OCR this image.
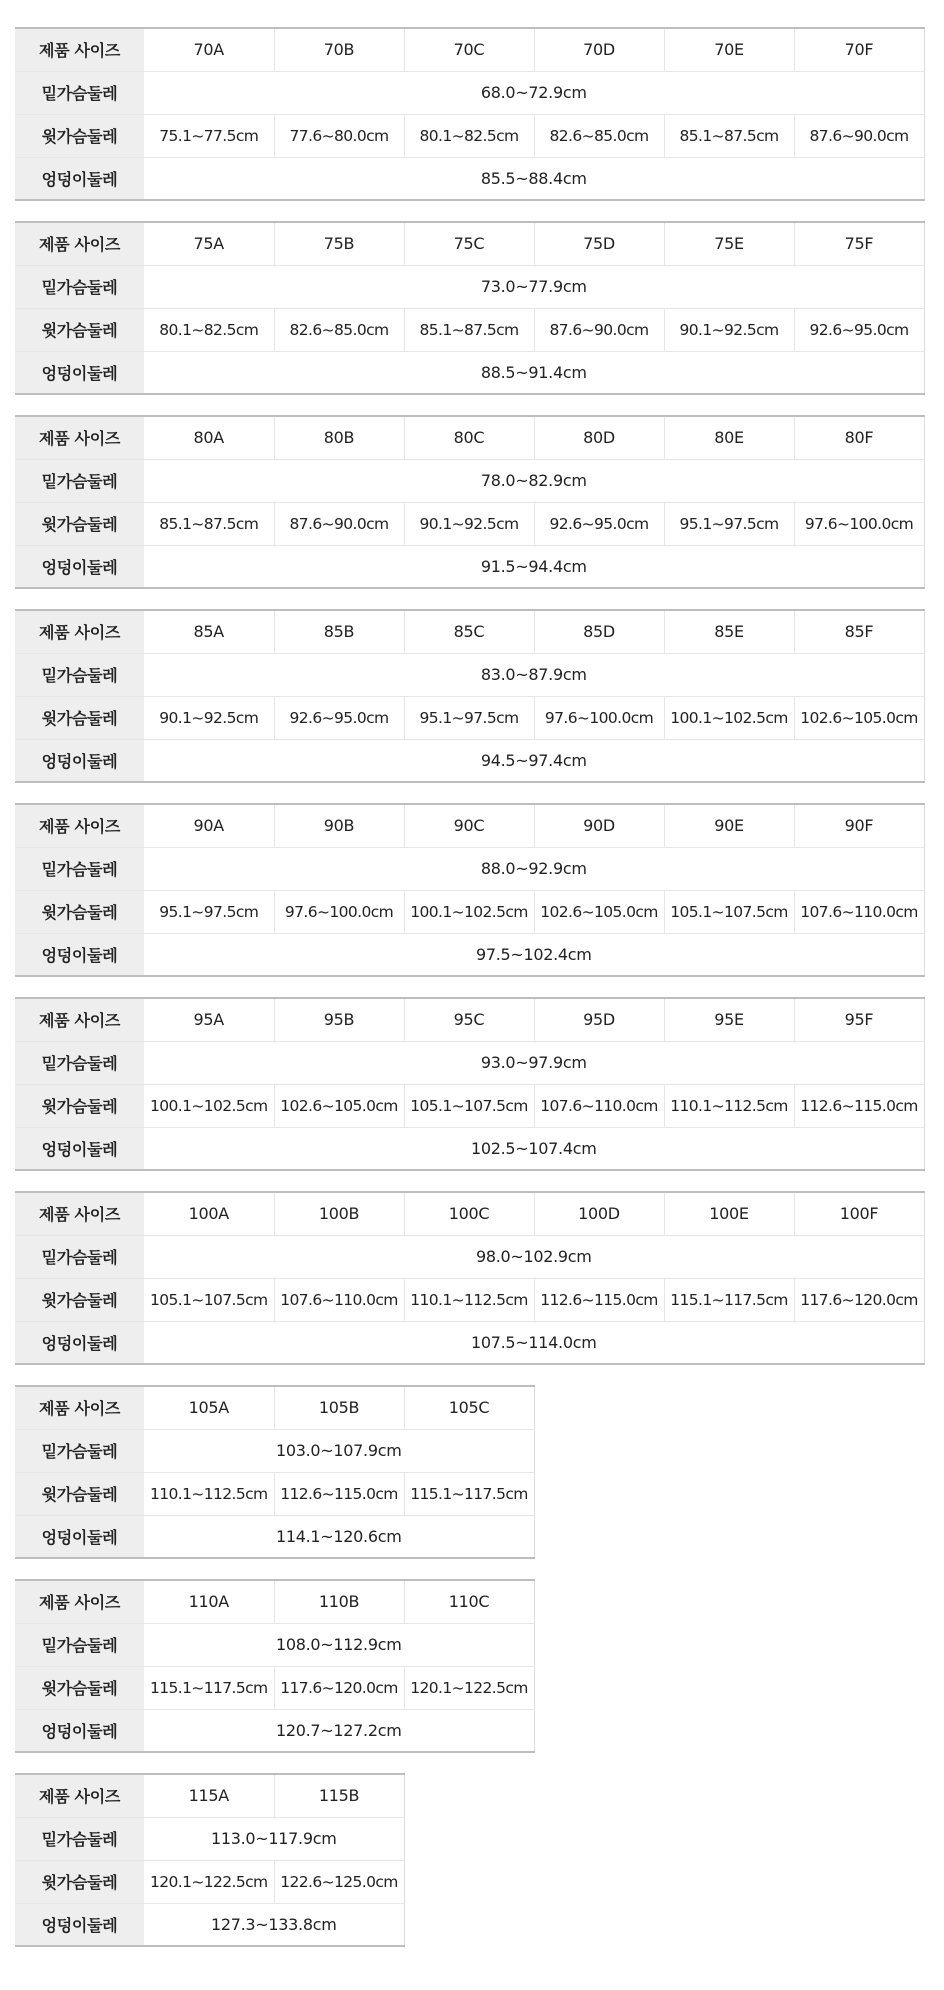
제품 사이즈	70A	70B	70C	70D	70E	70F
밑가슴둘레	68.0~72.9cm					
윗가슴둘레	75.1~77.5cm	77.6~80.0cm	80.1~82.5cm	82.6~85.0cm	85.1~87.5cm	87.6~90.0cm
엉덩이둘레	85.5~88.4cm					
제품 사이즈	75A	75B	75C	75D	75E	75F
밑가슴둘레	73.0~77.9cm					
윗가슴둘레	80.1~82.5cm	82.6~85.0cm	85.1~87.5cm	87.6~90.0cm	90.1~92.5cm	92.6~95.0cm
엉덩이둘레	88.5~91.4cm					
제품 사이즈	80A	80B	80C	80D	80E	80F
밑가슴둘레	78.0~82.9cm					
윗가슴둘레	85.1~87.5cm	87.6~90.0cm	90.1~92.5cm	92.6~95.0cm	95.1~97.5cm	97.6~100.0cm
엉덩이둘레	91.5~94.4cm					
제품 사이즈	85A	85B	85C	85D	85E	85F
밑가슴둘레	83.0~87.9cm					
윗가슴둘레	90.1~92.5cm	92.6~95.0cm	95.1~97.5cm	97.6~100.0cm	100.1~102.5cm	102.6~105.0cm
엉덩이둘레	94.5~97.4cm					
제품 사이즈	90A	90B	90C	90D	90E	90F
밑가슴둘레	88.0~92.9cm					
윗가슴둘레	95.1~97.5cm	97.6~100.0cm	100.1~102.5cm	102.6~105.0cm	105.1~107.5cm	107.6~110.0cm
엉덩이둘레	97.5~102.4cm					
제품 사이즈	95A	95B	95C	95D	95E	95F
밑가슴둘레	93.0~97.9cm					
윗가슴둘레	100.1~102.5cm	102.6~105.0cm	105.1~107.5cm	107.6~110.0cm	110.1~112.5cm	112.6~115.0cm
엉덩이둘레	102.5~107.4cm					
제품 사이즈	100A	100B	100C	100D	100E	100F
밑가슴둘레	98.0~102.9cm					
윗가슴둘레	105.1~107.5cm	107.6~110.0cm	110.1~112.5cm	112.6~115.0cm	115.1~117.5cm	117.6~120.0cm
엉덩이둘레	107.5~114.0cm					
제품 사이즈	105A	105B	105C
밑가슴둘레	103.0~107.9cm		
윗가슴둘레	110.1~112.5cm	112.6~115.0cm	115.1~117.5cm
엉덩이둘레	114.1~120.6cm		
제품 사이즈	110A	110B	110C
밑가슴둘레	108.0~112.9cm		
윗가슴둘레	115.1~117.5cm	117.6~120.0cm	120.1~122.5cm
엉덩이둘레	120.7~127.2cm		
제품 사이즈	115A	115B
밑가슴둘레	113.0~117.9cm	
윗가슴둘레	120.1~122.5cm	122.6~125.0cm
엉덩이둘레	127.3~133.8cm	
